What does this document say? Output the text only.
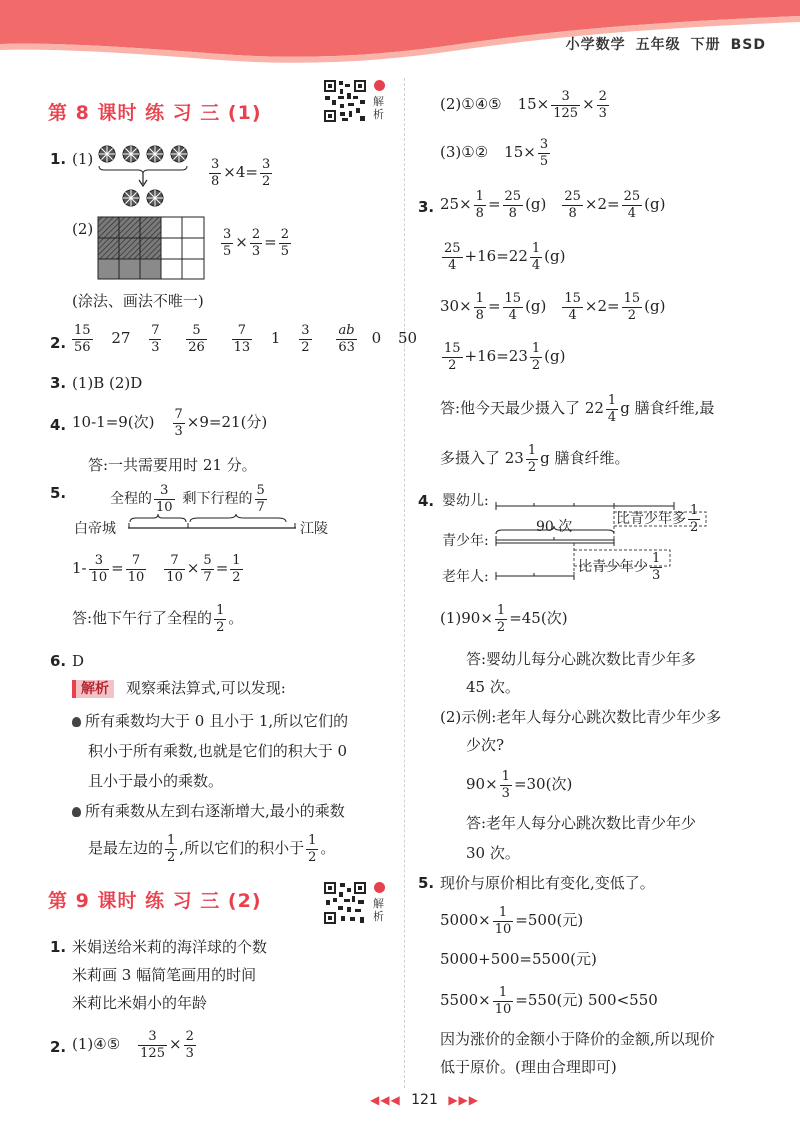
小学数学 五年级 下册 BSD
第 8 课时 练 习 三 (1)
解析
1. (1)	$\frac{3}{8} \times 4= \frac{3}{2}$
(2)	$\frac{3}{5} \times \frac{2}{3} = \frac{2}{5}$
(涂法、画法不唯一)
2. $\frac{15}{56} 27 \frac{7}{3}$
$\frac{5}{26}$
$\frac{7}{13} 1 \frac{3}{2}$
$\frac{ab}{63} 0$ 50
3. (1)B (2)D
4. 10-1=9(次) $\frac{7}{3} \times 9=21$(分)
答:一共需要用时 21 分。
5.	全程的 $\frac{3}{10}$ 剩下行程的 $\frac{5}{7}$
白帝城	江陵
$1- \frac{3}{10} = \frac{7}{10} \frac{7}{10} \times \frac{5}{7} = \frac{1}{2}$
答:他下午行了全程的 $\frac{1}{2}$ 。
6. D
解析 观察乘法算式,可以发现:
所有乘数均大于 0 且小于 1,所以它们的
积小于所有乘数,也就是它们的积大于 0
且小于最小的乘数。
所有乘数从左到右逐渐增大,最小的乘数
是最左边的 $\frac{1}{2}$ ,所以它们的积小于 $\frac{1}{2}$ 。
第 9 课时 练 习 三 (2)	解析
1. 米娟送给米莉的海洋球的个数
米莉画 3 幅简笔画用的时间
米莉比米娟小的年龄
2. (1)④⑤ $\frac{3}{125} \times \frac{2}{3}$
(2)①④⑤ $15\times \frac{3}{125} \times \frac{2}{3}$
(3)①② $15\times \frac{3}{5}$
3. $25\times \frac{1}{8} = \frac{25}{8} (g) \frac{25}{8} \times 2= \frac{25}{4} (g)$
$\frac{25}{4} +16=22 \frac{1}{4} (g)$
$30\times \frac{1}{8} = \frac{15}{4} (g) \frac{15}{4} \times 2= \frac{15}{2} (g)$
$\frac{15}{2} +16=23 \frac{1}{2} (g)$
答:他今天最少摄入了 $22 \frac{1}{4}$ g 膳食纤维,最
多摄入了 $23 \frac{1}{2}$ g 膳食纤维。
4. 婴幼儿:
青少年:
老年人:
90 次	比青少年多 $\frac{1}{2}$
比青少年少 $\frac{1}{3}$
$(1)90\times \frac{1}{2} =45$(次)
答:婴幼儿每分心跳次数比青少年多
45 次。
(2)示例:老年人每分心跳次数比青少年少多
少次?
$90\times \frac{1}{3} =30$(次)
答:老年人每分心跳次数比青少年少
30 次。
5. 现价与原价相比有变化,变低了。
$5000\times \frac{1}{10} =500$(元)
5000+500=5500(元)
$5500\times \frac{1}{10} =550$(元) 500<550
因为涨价的金额小于降价的金额,所以现价
低于原价。(理由合理即可)
◀◀◀ 121 ▶▶▶
